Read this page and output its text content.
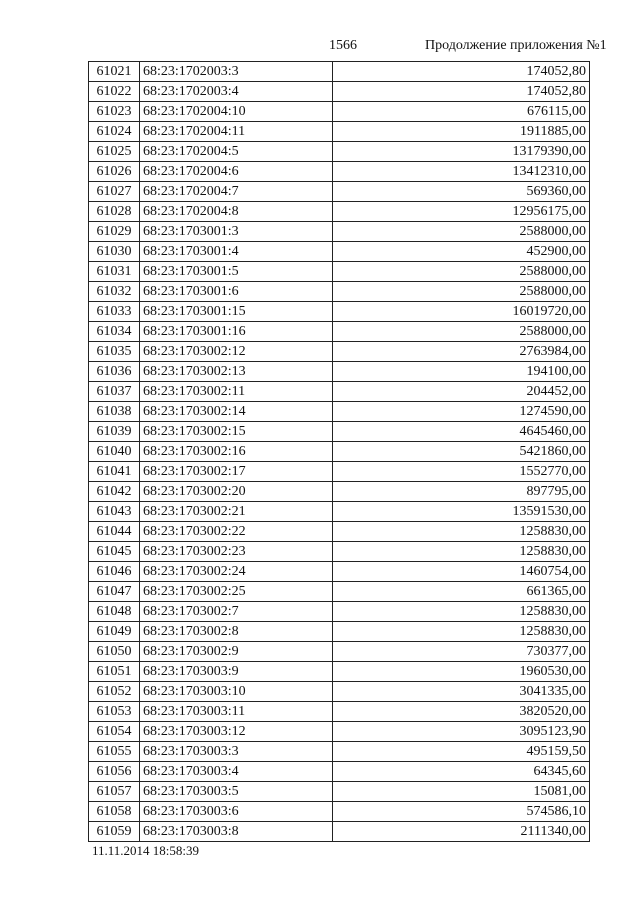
1566	Продолжение приложения №1
61021	68:23:1702003:3	174052,80
61022	68:23:1702003:4	174052,80
61023	68:23:1702004:10	676115,00
61024	68:23:1702004:11	1911885,00
61025	68:23:1702004:5	13179390,00
61026	68:23:1702004:6	13412310,00
61027	68:23:1702004:7	569360,00
61028	68:23:1702004:8	12956175,00
61029	68:23:1703001:3	2588000,00
61030	68:23:1703001:4	452900,00
61031	68:23:1703001:5	2588000,00
61032	68:23:1703001:6	2588000,00
61033	68:23:1703001:15	16019720,00
61034	68:23:1703001:16	2588000,00
61035	68:23:1703002:12	2763984,00
61036	68:23:1703002:13	194100,00
61037	68:23:1703002:11	204452,00
61038	68:23:1703002:14	1274590,00
61039	68:23:1703002:15	4645460,00
61040	68:23:1703002:16	5421860,00
61041	68:23:1703002:17	1552770,00
61042	68:23:1703002:20	897795,00
61043	68:23:1703002:21	13591530,00
61044	68:23:1703002:22	1258830,00
61045	68:23:1703002:23	1258830,00
61046	68:23:1703002:24	1460754,00
61047	68:23:1703002:25	661365,00
61048	68:23:1703002:7	1258830,00
61049	68:23:1703002:8	1258830,00
61050	68:23:1703002:9	730377,00
61051	68:23:1703003:9	1960530,00
61052	68:23:1703003:10	3041335,00
61053	68:23:1703003:11	3820520,00
61054	68:23:1703003:12	3095123,90
61055	68:23:1703003:3	495159,50
61056	68:23:1703003:4	64345,60
61057	68:23:1703003:5	15081,00
61058	68:23:1703003:6	574586,10
61059	68:23:1703003:8	2111340,00
11.11.2014 18:58:39
